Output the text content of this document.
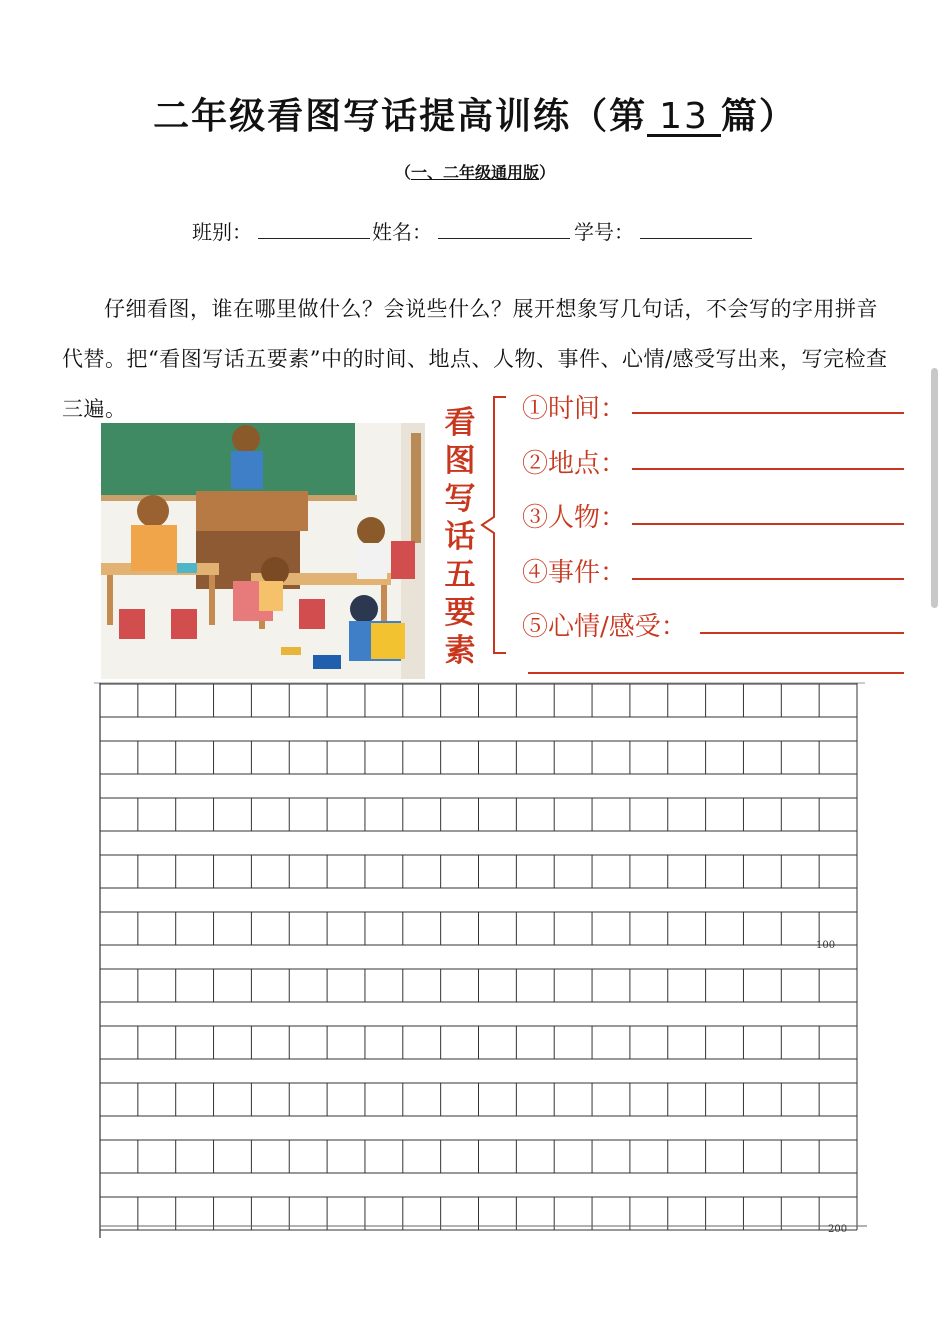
二年级看图写话提高训练（第 13 篇）
（一、二年级通用版）
班别：	姓名：	学号：
仔细看图，谁在哪里做什么？会说些什么？展开想象写几句话，不会写的字用拼音代替。把“看图写话五要素”中的时间、地点、人物、事件、心情/感受写出来，写完检查三遍。	看图写话五要素
①时间：
②地点：
③人物：
④事件：
⑤心情/感受：
100
200
